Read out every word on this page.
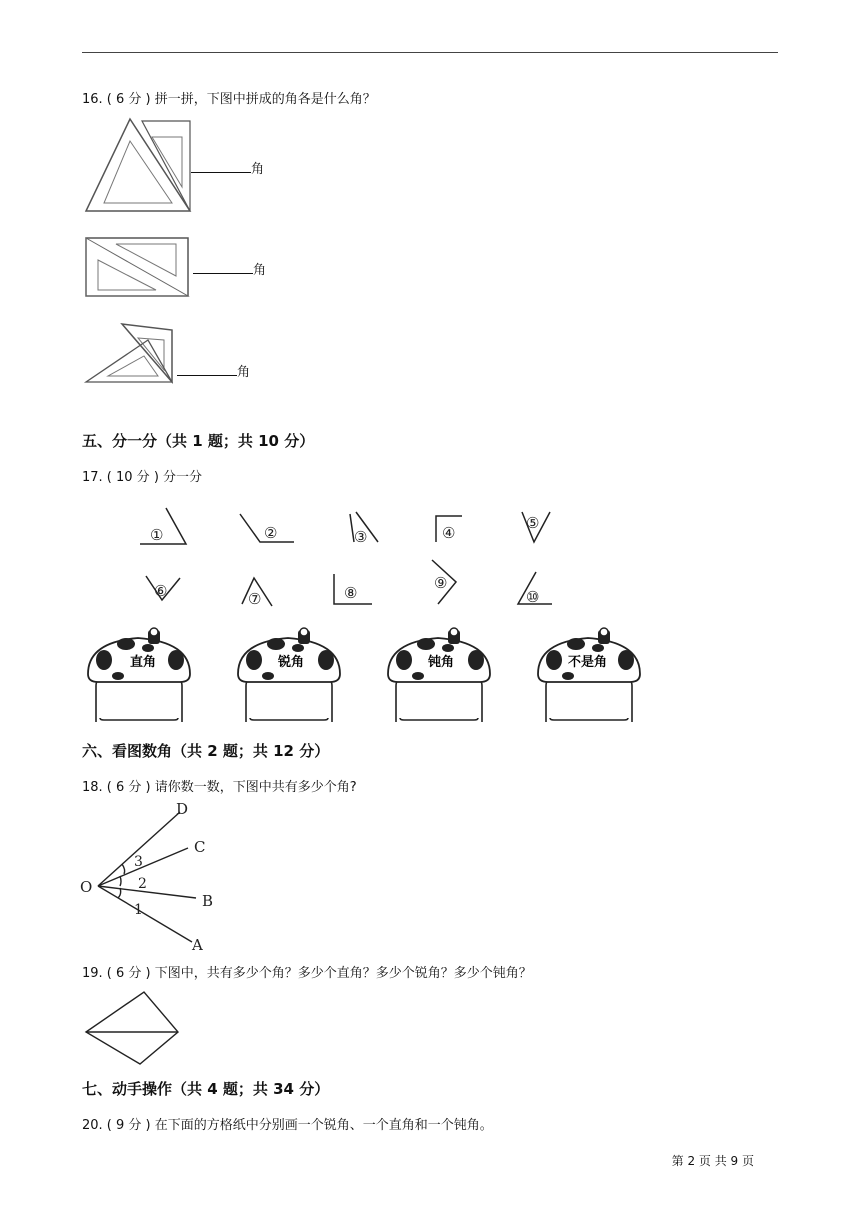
16. ( 6 分 ) 拼一拼，下图中拼成的角各是什么角？
角
角
角
五、分一分（共 1 题；共 10 分）
17. ( 10 分 ) 分一分
①	②	③	④
⑤
⑥	⑦	⑧
⑨
⑩
直角	锐角	钝角	不是角
六、看图数角（共 2 题；共 12 分）
18. ( 6 分 ) 请你数一数，下图中共有多少个角?
O
A
B
C
D
1
2
3
19. ( 6 分 ) 下图中，共有多少个角？多少个直角？多少个锐角？多少个钝角？
七、动手操作（共 4 题；共 34 分）
20. ( 9 分 ) 在下面的方格纸中分别画一个锐角、一个直角和一个钝角。
第 2 页 共 9 页
